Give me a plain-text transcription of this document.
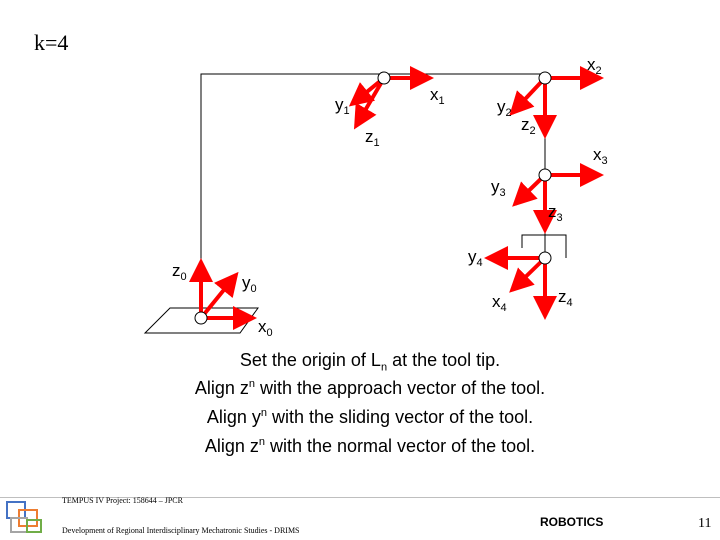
k=4
$z_0$	$y_0$
$x_0$
$y_1$
$z_1$
$x_1$
$x_2$
$y_2$
$z_2$
$x_3$
$y_3$
$z_3$
$y_4$
$x_4$
$z_4$
Set the origin of $L_n$ at the tool tip.
Align $z^n$ with the approach vector of the tool.
Align $y^n$ with the sliding vector of the tool.
Align $z^n$ with the normal vector of the tool.
TEMPUS IV Project: 158644 – JPCR
Development of Regional Interdisciplinary Mechatronic Studies - DRIMS
ROBOTICS	11
